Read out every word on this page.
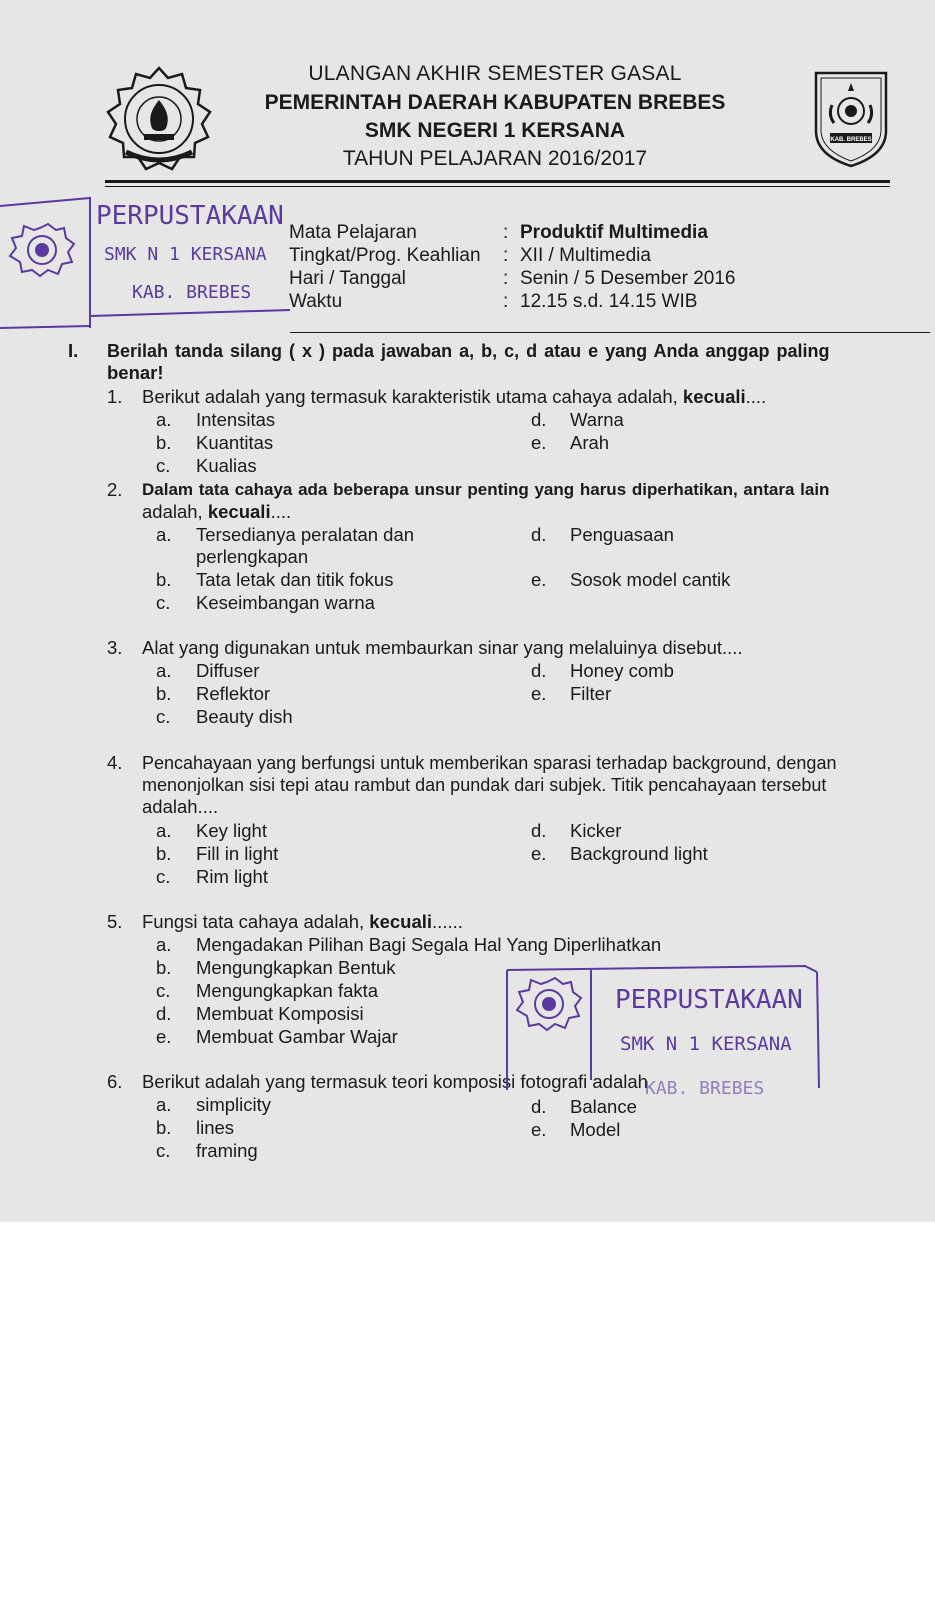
ULANGAN AKHIR SEMESTER GASAL
PEMERINTAH DAERAH KABUPATEN BREBES
SMK NEGERI 1 KERSANA
TAHUN PELAJARAN 2016/2017
KAB. BREBES
PERPUSTAKAAN
SMK N 1 KERSANA
KAB. BREBES
Mata Pelajaran	: Produktif Multimedia
Tingkat/Prog. Keahlian : XII / Multimedia
Hari / Tanggal	: Senin / 5 Desember 2016
Waktu	: 12.15 s.d. 14.15 WIB
I. Berilah tanda silang ( x ) pada jawaban a, b, c, d atau e yang Anda anggap paling
benar!
1. Berikut adalah yang termasuk karakteristik utama cahaya adalah, kecuali....
a. Intensitas
b. Kuantitas
c. Kualias
d. Warna
e. Arah
2. Dalam tata cahaya ada beberapa unsur penting yang harus diperhatikan, antara lain
adalah, kecuali....
a. Tersedianya peralatan dan
perlengkapan
b. Tata letak dan titik fokus
c. Keseimbangan warna
d. Penguasaan
e. Sosok model cantik
3. Alat yang digunakan untuk membaurkan sinar yang melaluinya disebut....
a. Diffuser
b. Reflektor
c. Beauty dish
d. Honey comb
e. Filter
4. Pencahayaan yang berfungsi untuk memberikan sparasi terhadap background, dengan
menonjolkan sisi tepi atau rambut dan pundak dari subjek. Titik pencahayaan tersebut
adalah....
a. Key light
b. Fill in light
c. Rim light
d. Kicker
e. Background light
5. Fungsi tata cahaya adalah, kecuali......
a. Mengadakan Pilihan Bagi Segala Hal Yang Diperlihatkan
b. Mengungkapkan Bentuk
c. Mengungkapkan fakta
d. Membuat Komposisi
e. Membuat Gambar Wajar
6. Berikut adalah yang termasuk teori komposisi fotografi adalah
a. simplicity
b. lines
c. framing
d. Balance
e. Model
PERPUSTAKAAN
SMK N 1 KERSANA
KAB. BREBES
